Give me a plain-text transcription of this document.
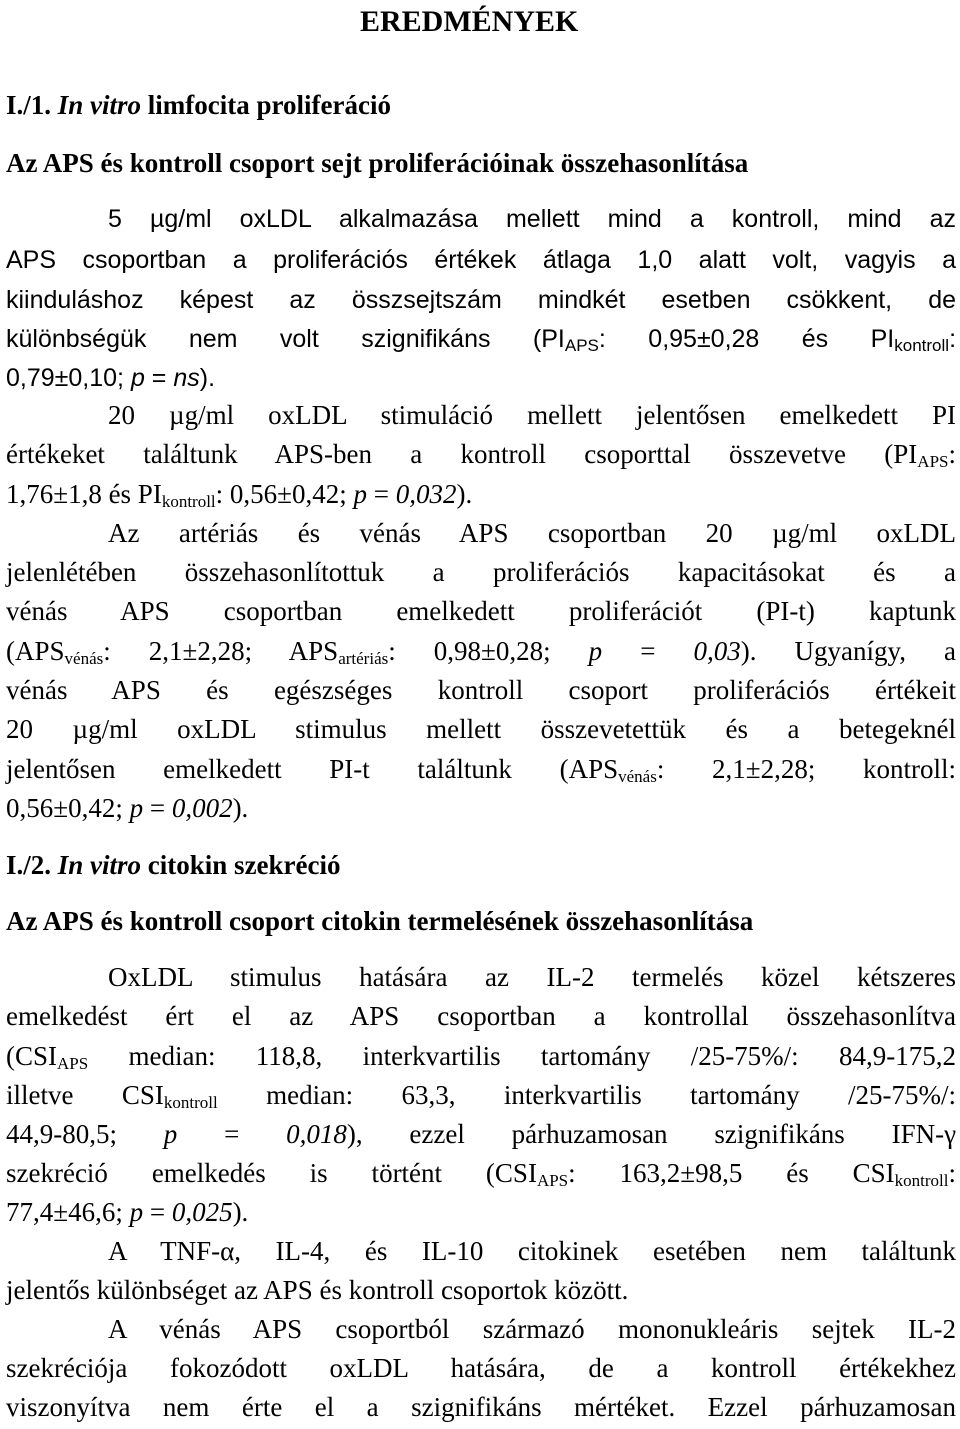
EREDMÉNYEK
I./1. In vitro limfocita proliferáció
Az APS és kontroll csoport sejt proliferációinak összehasonlítása
5 µg/ml oxLDL alkalmazása mellett mind a kontroll, mind az
APS csoportban a proliferációs értékek átlaga 1,0 alatt volt, vagyis a
kiinduláshoz képest az összsejtszám mindkét esetben csökkent, de
különbségük nem volt szignifikáns ($PI_{APS}$: 0,95±0,28 és $PI_{kontroll}$:
0,79±0,10; p = ns).
20 µg/ml oxLDL stimuláció mellett jelentősen emelkedett PI
értékeket találtunk APS-ben a kontroll csoporttal összevetve ($PI_{APS}$:
1,76±1,8 és $PI_{kontroll}$: 0,56±0,42; p = 0,032).
Az artériás és vénás APS csoportban 20 µg/ml oxLDL
jelenlétében összehasonlítottuk a proliferációs kapacitásokat és a
vénás APS csoportban emelkedett proliferációt (PI-t) kaptunk
($APS_{vénás}$: 2,1±2,28; $APS_{artériás}$: 0,98±0,28; p = 0,03). Ugyanígy, a
vénás APS és egészséges kontroll csoport proliferációs értékeit
20 µg/ml oxLDL stimulus mellett összevetettük és a betegeknél
jelentősen emelkedett PI-t találtunk ($APS_{vénás}$: 2,1±2,28; kontroll:
0,56±0,42; p = 0,002).
I./2. In vitro citokin szekréció
Az APS és kontroll csoport citokin termelésének összehasonlítása
OxLDL stimulus hatására az IL-2 termelés közel kétszeres
emelkedést ért el az APS csoportban a kontrollal összehasonlítva
($CSI_{APS}$ median: 118,8, interkvartilis tartomány /25-75%/: 84,9-175,2
illetve $CSI_{kontroll}$ median: 63,3, interkvartilis tartomány /25-75%/:
44,9-80,5; p = 0,018), ezzel párhuzamosan szignifikáns IFN-γ
szekréció emelkedés is történt ($CSI_{APS}$: 163,2±98,5 és $CSI_{kontroll}$:
77,4±46,6; p = 0,025).
A TNF-α, IL-4, és IL-10 citokinek esetében nem találtunk
jelentős különbséget az APS és kontroll csoportok között.
A vénás APS csoportból származó mononukleáris sejtek IL-2
szekréciója fokozódott oxLDL hatására, de a kontroll értékekhez
viszonyítva nem érte el a szignifikáns mértéket. Ezzel párhuzamosan
